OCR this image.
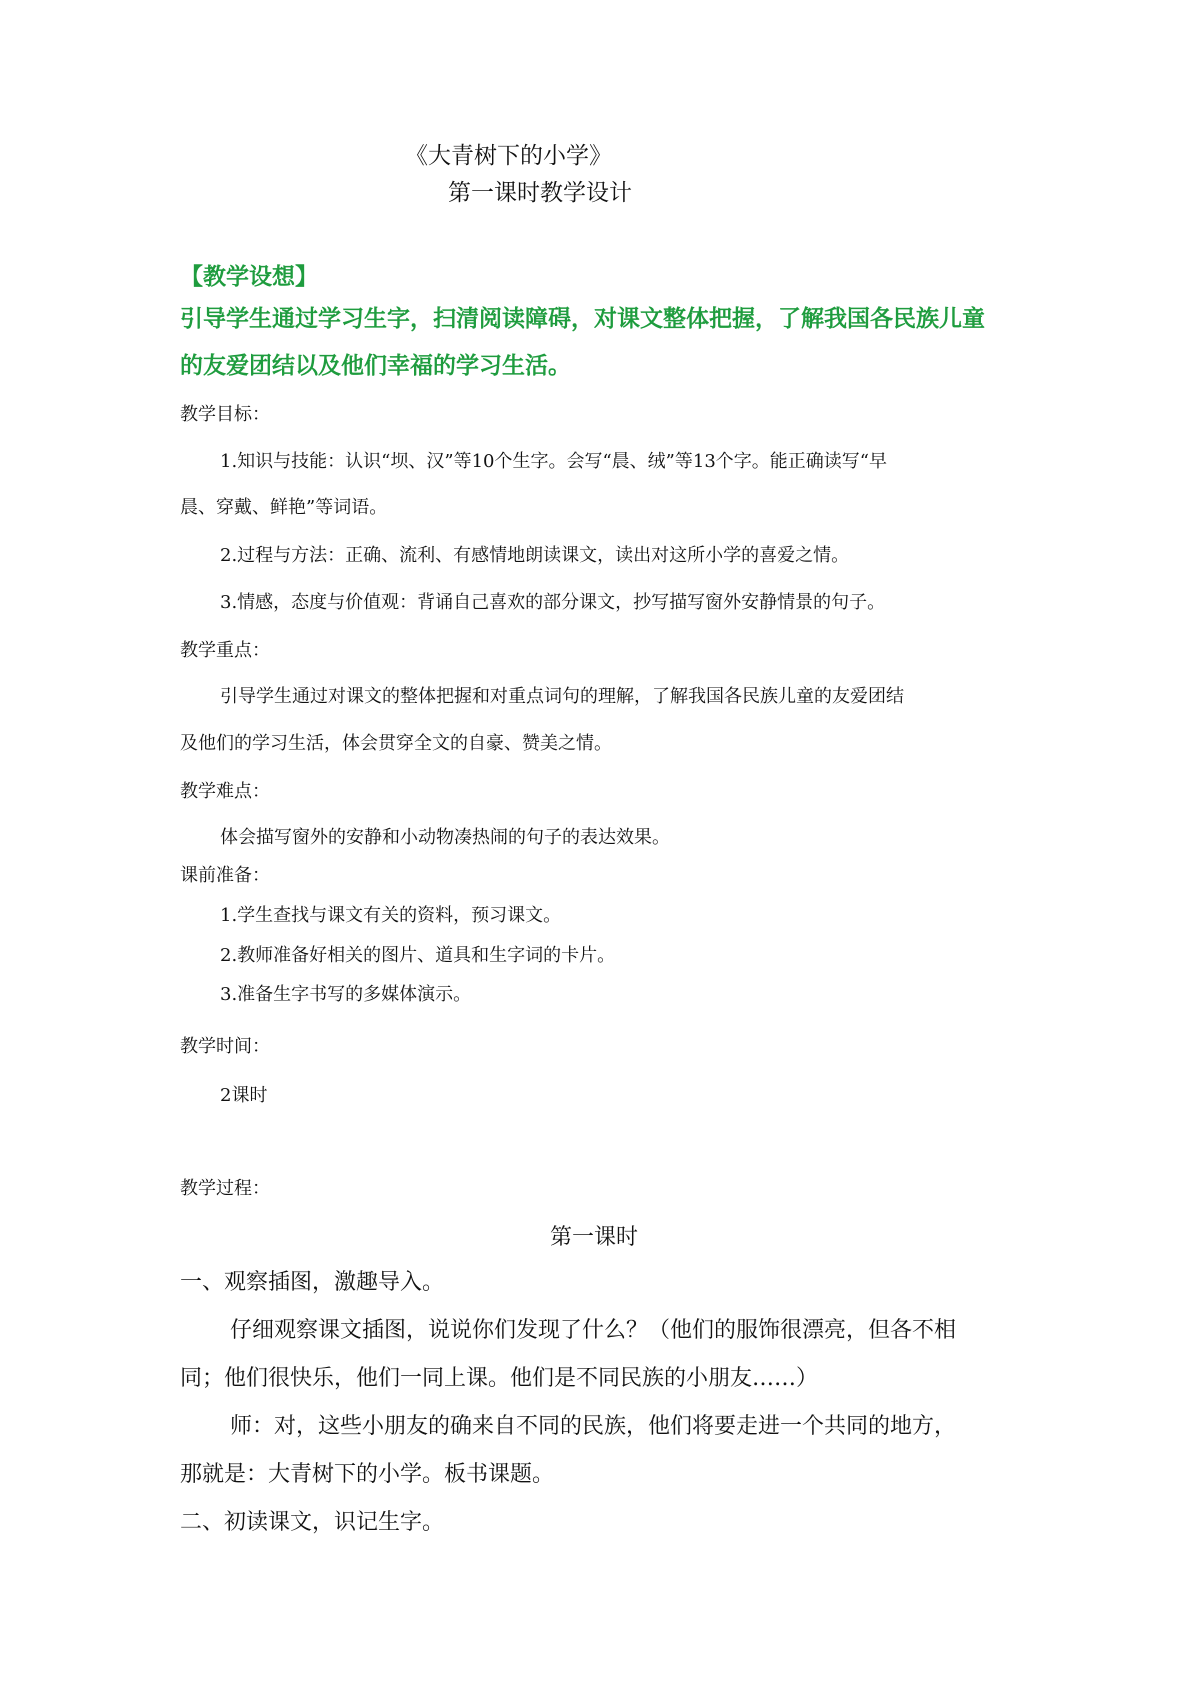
《大青树下的小学》
第一课时教学设计
【教学设想】
引导学生通过学习生字，扫清阅读障碍，对课文整体把握，了解我国各民族儿童
的友爱团结以及他们幸福的学习生活。
教学目标：
1.知识与技能：认识“坝、汉”等10个生字。会写“晨、绒”等13个字。能正确读写“早
晨、穿戴、鲜艳”等词语。
2.过程与方法：正确、流利、有感情地朗读课文，读出对这所小学的喜爱之情。
3.情感，态度与价值观：背诵自己喜欢的部分课文，抄写描写窗外安静情景的句子。
教学重点：
引导学生通过对课文的整体把握和对重点词句的理解，了解我国各民族儿童的友爱团结
及他们的学习生活，体会贯穿全文的自豪、赞美之情。
教学难点：
体会描写窗外的安静和小动物凑热闹的句子的表达效果。
课前准备：
1.学生查找与课文有关的资料，预习课文。
2.教师准备好相关的图片、道具和生字词的卡片。
3.准备生字书写的多媒体演示。
教学时间：
2课时
教学过程：
第一课时
一、观察插图，激趣导入。
仔细观察课文插图，说说你们发现了什么？（他们的服饰很漂亮，但各不相
同；他们很快乐，他们一同上课。他们是不同民族的小朋友……）
师：对，这些小朋友的确来自不同的民族，他们将要走进一个共同的地方，
那就是：大青树下的小学。板书课题。
二、初读课文，识记生字。
